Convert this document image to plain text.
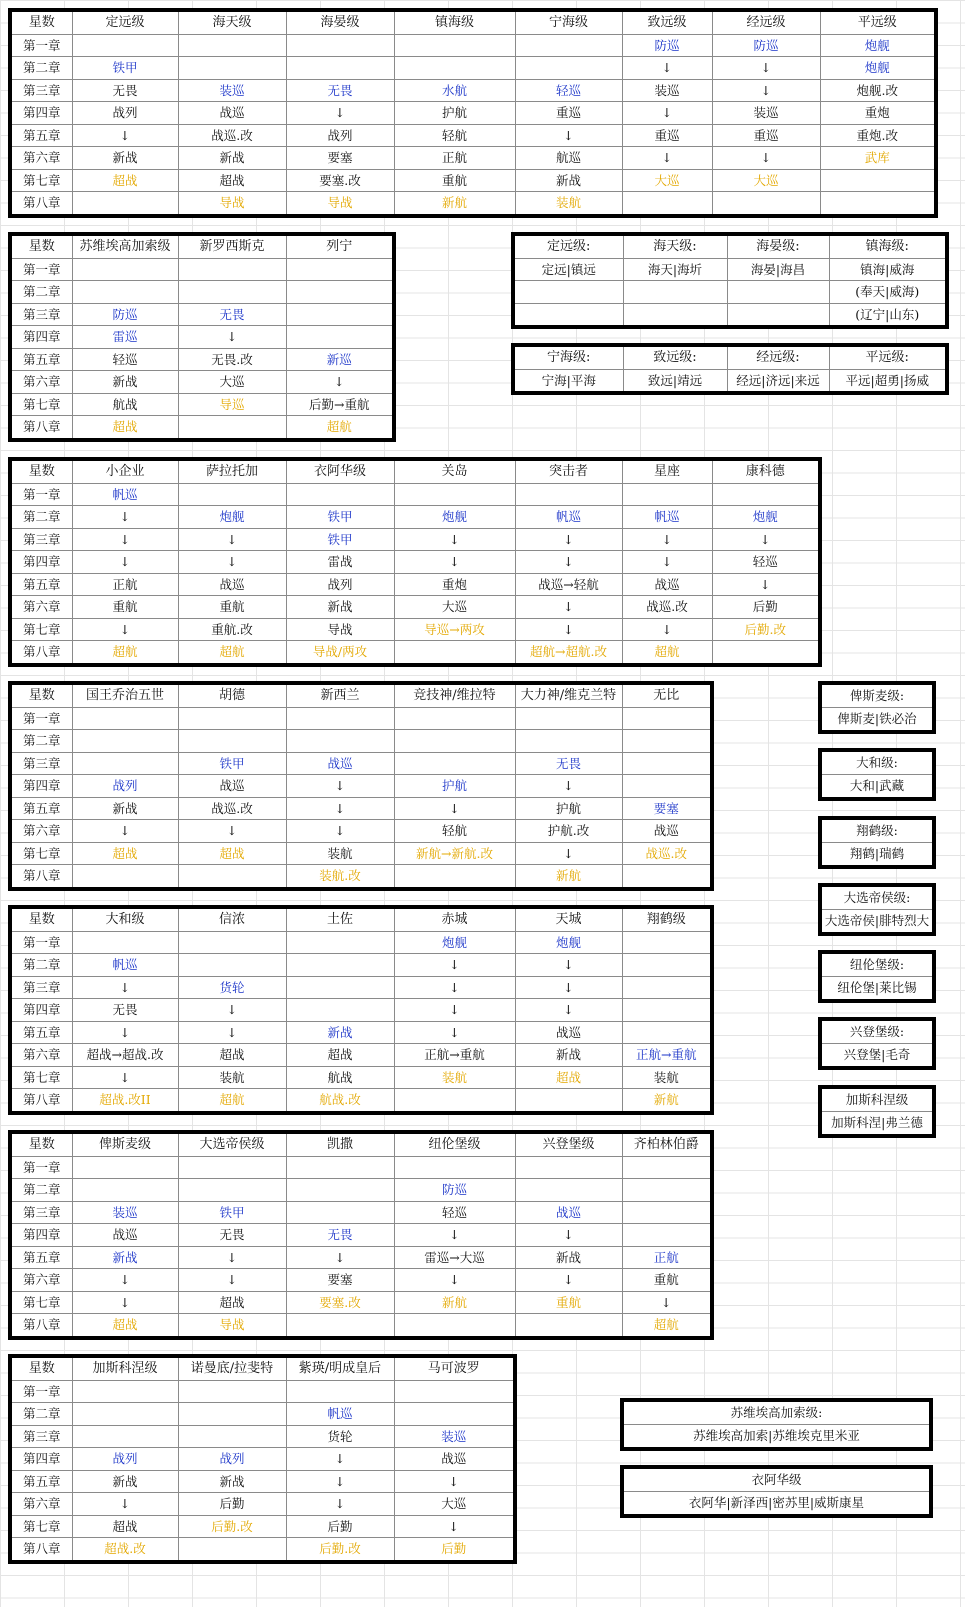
星数	定远级	海天级	海晏级	镇海级	宁海级	致远级	经远级	平远级
第一章						防巡	防巡	炮舰
第二章	铁甲					↓	↓	炮舰
第三章	无畏	装巡	无畏	水航	轻巡	装巡	↓	炮舰.改
第四章	战列	战巡	↓	护航	重巡	↓	装巡	重炮
第五章	↓	战巡.改	战列	轻航	↓	重巡	重巡	重炮.改
第六章	新战	新战	要塞	正航	航巡	↓	↓	武库
第七章	超战	超战	要塞.改	重航	新战	大巡	大巡	
第八章		导战	导战	新航	装航			
星数	苏维埃高加索级	新罗西斯克	列宁
第一章			
第二章			
第三章	防巡	无畏	
第四章	雷巡	↓	
第五章	轻巡	无畏.改	新巡
第六章	新战	大巡	↓
第七章	航战	导巡	后勤→重航
第八章	超战		超航
星数	小企业	萨拉托加	衣阿华级	关岛	突击者	星座	康科德
第一章	帆巡						
第二章	↓	炮舰	铁甲	炮舰	帆巡	帆巡	炮舰
第三章	↓	↓	铁甲	↓	↓	↓	↓
第四章	↓	↓	雷战	↓	↓	↓	轻巡
第五章	正航	战巡	战列	重炮	战巡→轻航	战巡	↓
第六章	重航	重航	新战	大巡	↓	战巡.改	后勤
第七章	↓	重航.改	导战	导巡→两攻	↓	↓	后勤.改
第八章	超航	超航	导战/两攻		超航→超航.改	超航	
星数	国王乔治五世	胡德	新西兰	竞技神/维拉特	大力神/维克兰特	无比
第一章						
第二章						
第三章		铁甲	战巡		无畏	
第四章	战列	战巡	↓	护航	↓	
第五章	新战	战巡.改	↓	↓	护航	要塞
第六章	↓	↓	↓	轻航	护航.改	战巡
第七章	超战	超战	装航	新航→新航.改	↓	战巡.改
第八章			装航.改		新航	
星数	大和级	信浓	土佐	赤城	天城	翔鹤级
第一章				炮舰	炮舰	
第二章	帆巡			↓	↓	
第三章	↓	货轮		↓	↓	
第四章	无畏	↓		↓	↓	
第五章	↓	↓	新战	↓	战巡	
第六章	超战→超战.改	超战	超战	正航→重航	新战	正航→重航
第七章	↓	装航	航战	装航	超战	装航
第八章	超战.改II	超航	航战.改			新航
星数	俾斯麦级	大选帝侯级	凯撒	纽伦堡级	兴登堡级	齐柏林伯爵
第一章						
第二章				防巡		
第三章	装巡	铁甲		轻巡	战巡	
第四章	战巡	无畏	无畏	↓	↓	
第五章	新战	↓	↓	雷巡→大巡	新战	正航
第六章	↓	↓	要塞	↓	↓	重航
第七章	↓	超战	要塞.改	新航	重航	↓
第八章	超战	导战				超航
星数	加斯科涅级	诺曼底/拉斐特	紫瑛/明成皇后	马可波罗
第一章				
第二章			帆巡	
第三章			货轮	装巡
第四章	战列	战列	↓	战巡
第五章	新战	新战	↓	↓
第六章	↓	后勤	↓	大巡
第七章	超战	后勤.改	后勤	↓
第八章	超战.改		后勤.改	后勤
定远级:	海天级:	海晏级:	镇海级:
定远|镇远	海天|海圻	海晏|海昌	镇海|威海
			(奉天|威海)
			(辽宁|山东)
宁海级:	致远级:	经远级:	平远级:
宁海|平海	致远|靖远	经远|济远|来远	平远|超勇|扬威
俾斯麦级:
俾斯麦|铁必治
大和级:
大和|武藏
翔鹤级:
翔鹤|瑞鹤
大选帝侯级:
大选帝侯|腓特烈大
纽伦堡级:
纽伦堡|莱比锡
兴登堡级:
兴登堡|毛奇
加斯科涅级
加斯科涅|弗兰德
苏维埃高加索级:
苏维埃高加索|苏维埃克里米亚
衣阿华级
衣阿华|新泽西|密苏里|威斯康星
